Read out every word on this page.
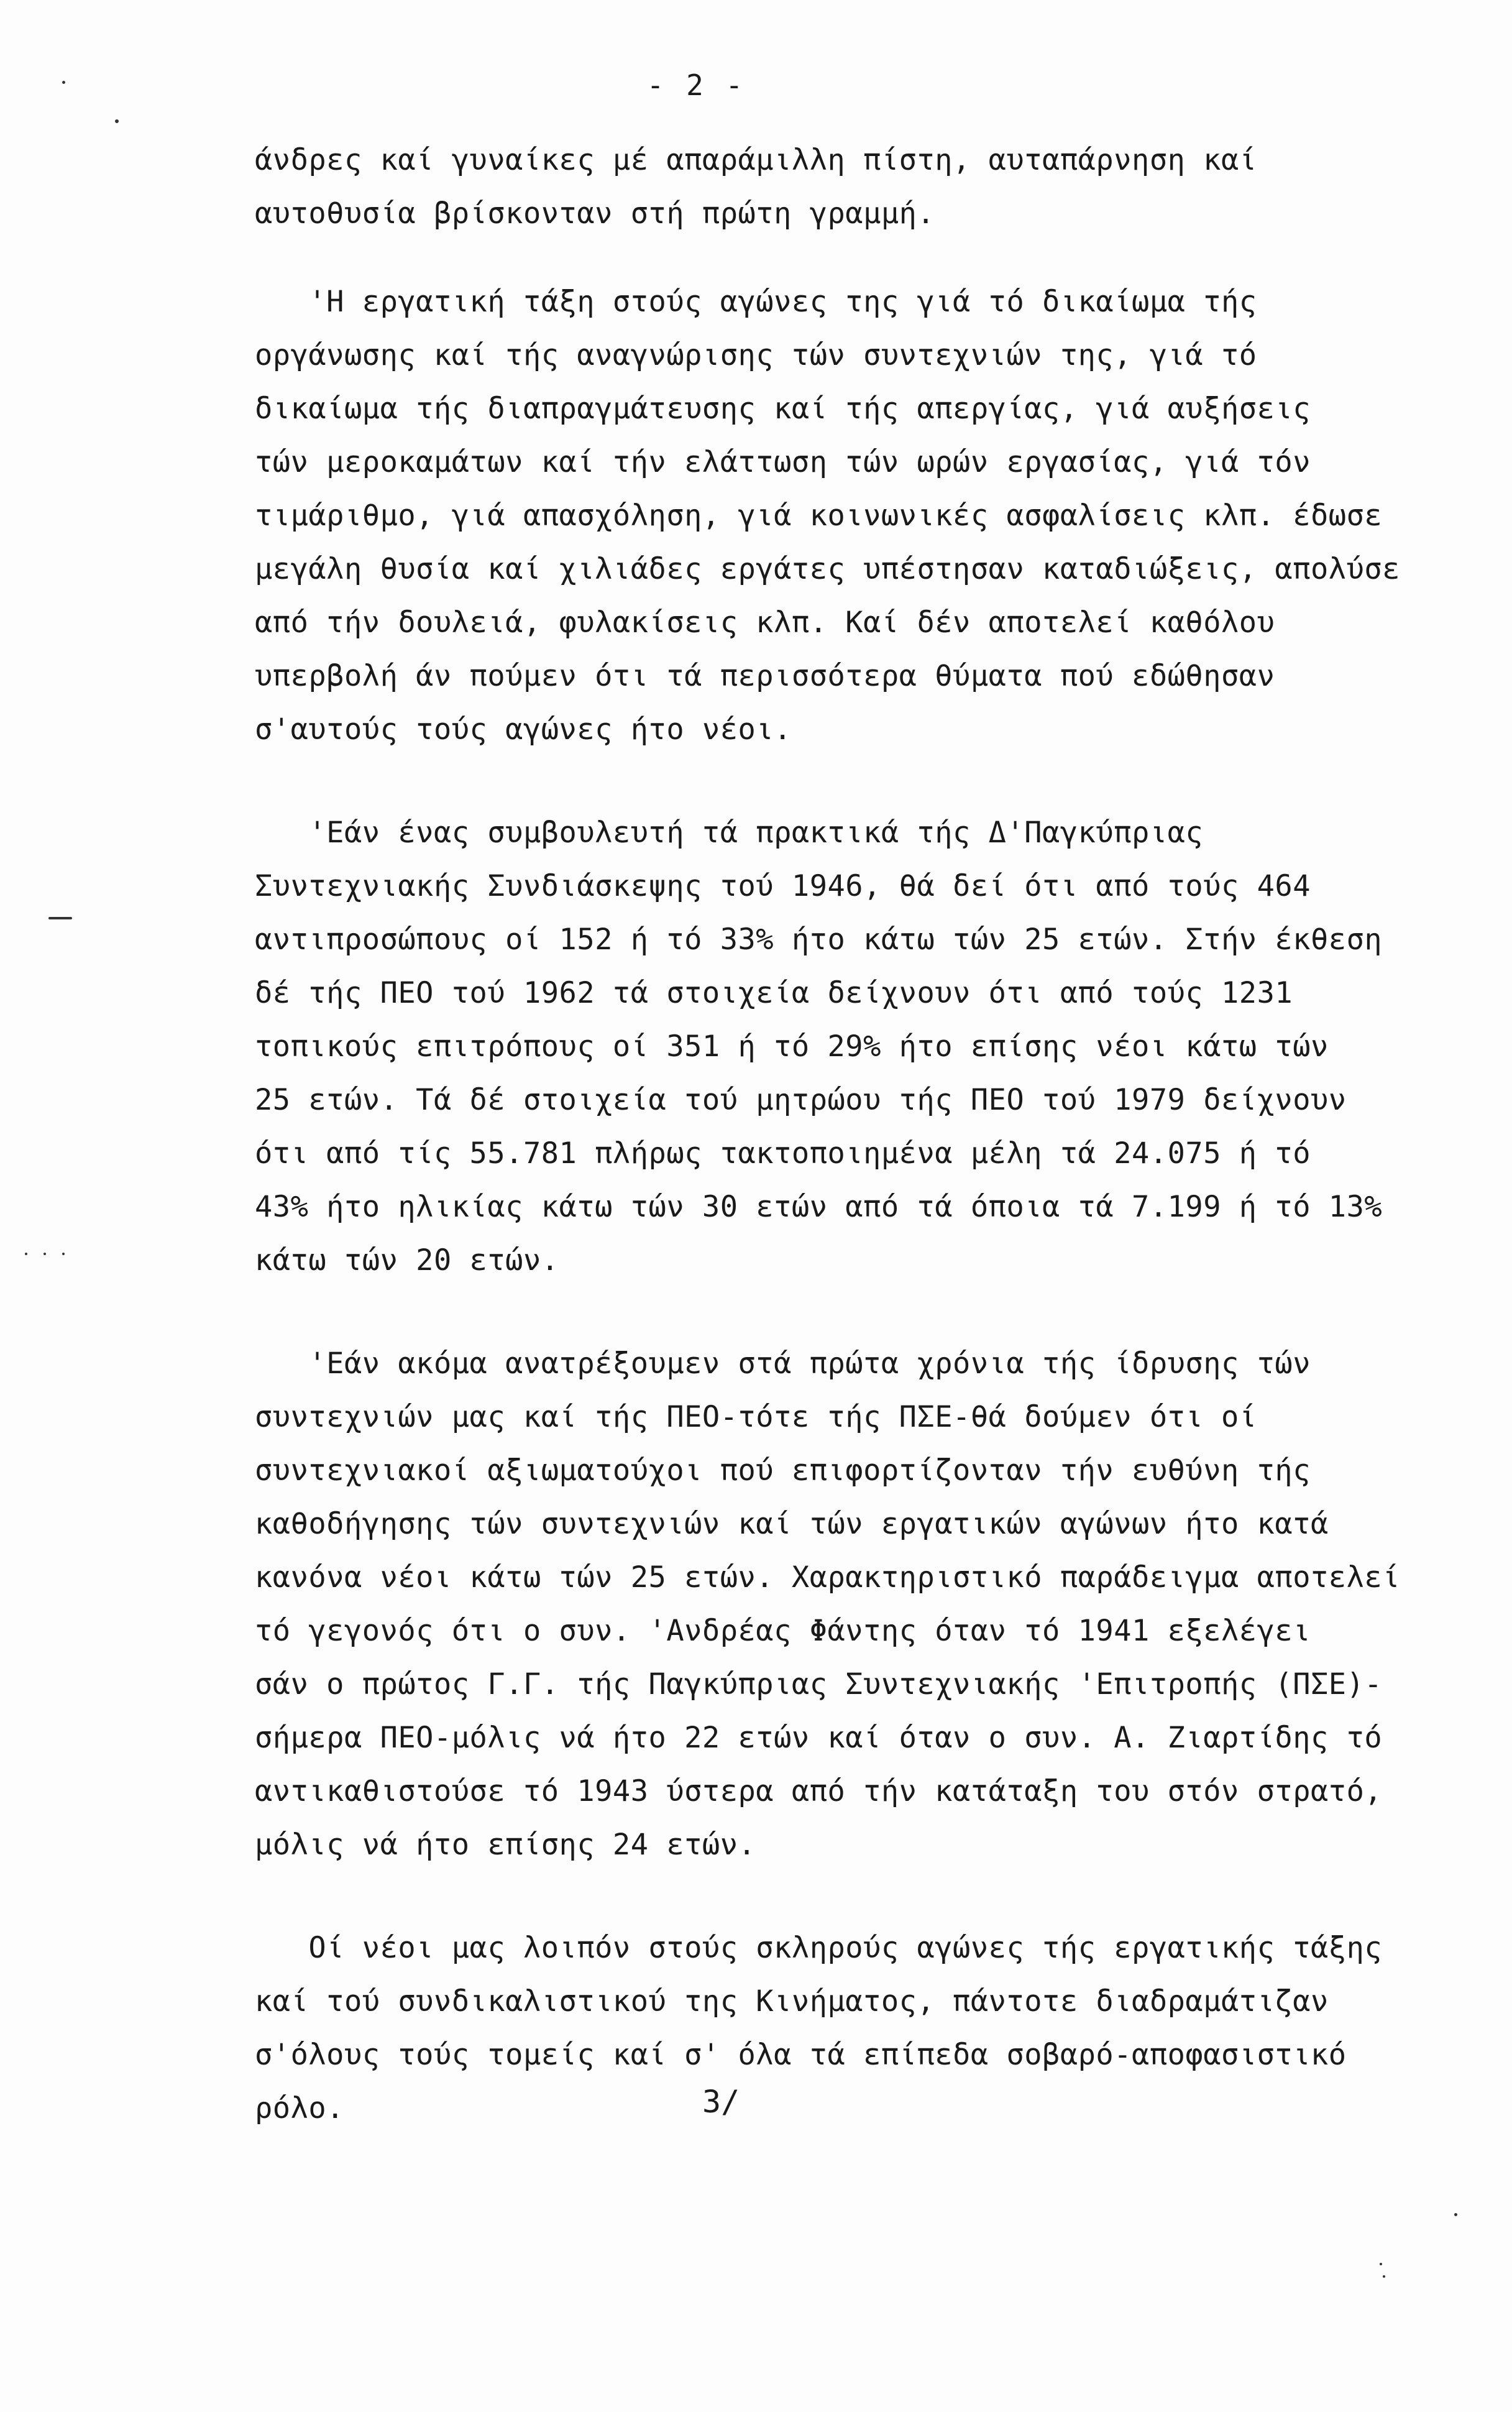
- 2 -
άνδρες καί γυναίκες μέ απαράμιλλη πίστη, αυταπάρνηση καί
αυτοθυσία βρίσκονταν στή πρώτη γραμμή.
'Η εργατική τάξη στούς αγώνες της γιά τό δικαίωμα τής
οργάνωσης καί τής αναγνώρισης τών συντεχνιών της, γιά τό
δικαίωμα τής διαπραγμάτευσης καί τής απεργίας, γιά αυξήσεις
τών μεροκαμάτων καί τήν ελάττωση τών ωρών εργασίας, γιά τόν
τιμάριθμο, γιά απασχόληση, γιά κοινωνικές ασφαλίσεις κλπ. έδωσε
μεγάλη θυσία καί χιλιάδες εργάτες υπέστησαν καταδιώξεις, απολύσε
από τήν δουλειά, φυλακίσεις κλπ. Καί δέν αποτελεί καθόλου
υπερβολή άν πούμεν ότι τά περισσότερα θύματα πού εδώθησαν
σ'αυτούς τούς αγώνες ήτο νέοι.
'Εάν ένας συμβουλευτή τά πρακτικά τής Δ'Παγκύπριας
Συντεχνιακής Συνδιάσκεψης τού 1946, θά δεί ότι από τούς 464
αντιπροσώπους οί 152 ή τό 33% ήτο κάτω τών 25 ετών. Στήν έκθεση
δέ τής ΠΕΟ τού 1962 τά στοιχεία δείχνουν ότι από τούς 1231
τοπικούς επιτρόπους οί 351 ή τό 29% ήτο επίσης νέοι κάτω τών
25 ετών. Τά δέ στοιχεία τού μητρώου τής ΠΕΟ τού 1979 δείχνουν
ότι από τίς 55.781 πλήρως τακτοποιημένα μέλη τά 24.075 ή τό
43% ήτο ηλικίας κάτω τών 30 ετών από τά όποια τά 7.199 ή τό 13%
κάτω τών 20 ετών.
'Εάν ακόμα ανατρέξουμεν στά πρώτα χρόνια τής ίδρυσης τών
συντεχνιών μας καί τής ΠΕΟ-τότε τής ΠΣΕ-θά δούμεν ότι οί
συντεχνιακοί αξιωματούχοι πού επιφορτίζονταν τήν ευθύνη τής
καθοδήγησης τών συντεχνιών καί τών εργατικών αγώνων ήτο κατά
κανόνα νέοι κάτω τών 25 ετών. Χαρακτηριστικό παράδειγμα αποτελεί
τό γεγονός ότι ο συν. 'Ανδρέας Φάντης όταν τό 1941 εξελέγει
σάν ο πρώτος Γ.Γ. τής Παγκύπριας Συντεχνιακής 'Επιτροπής (ΠΣΕ)-
σήμερα ΠΕΟ-μόλις νά ήτο 22 ετών καί όταν ο συν. Α. Ζιαρτίδης τό
αντικαθιστούσε τό 1943 ύστερα από τήν κατάταξη του στόν στρατό,
μόλις νά ήτο επίσης 24 ετών.
Οί νέοι μας λοιπόν στούς σκληρούς αγώνες τής εργατικής τάξης
καί τού συνδικαλιστικού της Κινήματος, πάντοτε διαδραμάτιζαν
σ'όλους τούς τομείς καί σ' όλα τά επίπεδα σοβαρό-αποφασιστικό
ρόλο.	3/
